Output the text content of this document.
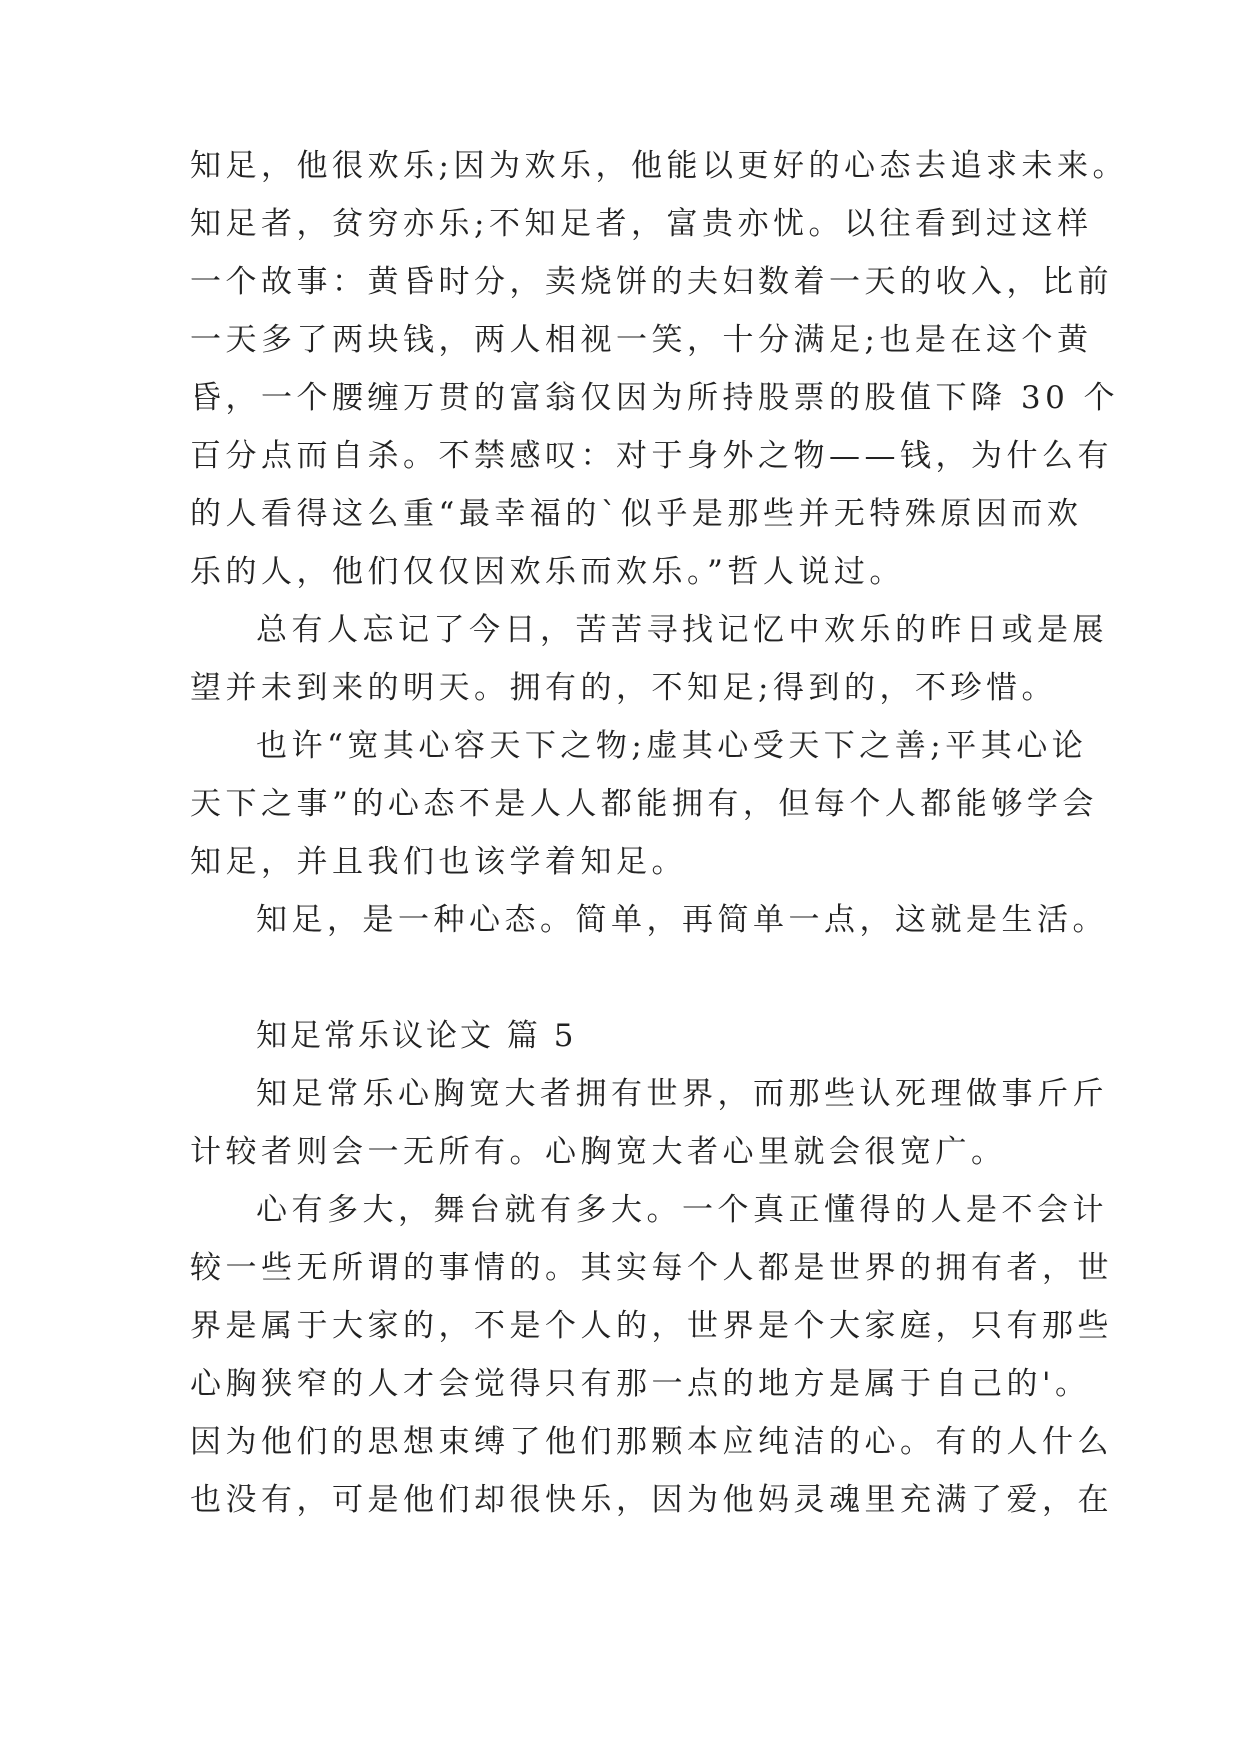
知足，他很欢乐;因为欢乐，他能以更好的心态去追求未来。
知足者，贫穷亦乐;不知足者，富贵亦忧。以往看到过这样
一个故事：黄昏时分，卖烧饼的夫妇数着一天的收入，比前
一天多了两块钱，两人相视一笑，十分满足;也是在这个黄
昏，一个腰缠万贯的富翁仅因为所持股票的股值下降 30 个
百分点而自杀。不禁感叹：对于身外之物——钱，为什么有
的人看得这么重“最幸福的`似乎是那些并无特殊原因而欢
乐的人，他们仅仅因欢乐而欢乐。”哲人说过。
总有人忘记了今日，苦苦寻找记忆中欢乐的昨日或是展
望并未到来的明天。拥有的，不知足;得到的，不珍惜。
也许“宽其心容天下之物;虚其心受天下之善;平其心论
天下之事”的心态不是人人都能拥有，但每个人都能够学会
知足，并且我们也该学着知足。
知足，是一种心态。简单，再简单一点，这就是生活。
知足常乐议论文 篇 5
知足常乐心胸宽大者拥有世界，而那些认死理做事斤斤
计较者则会一无所有。心胸宽大者心里就会很宽广。
心有多大，舞台就有多大。一个真正懂得的人是不会计
较一些无所谓的事情的。其实每个人都是世界的拥有者，世
界是属于大家的，不是个人的，世界是个大家庭，只有那些
心胸狭窄的人才会觉得只有那一点的地方是属于自己的'。
因为他们的思想束缚了他们那颗本应纯洁的心。有的人什么
也没有，可是他们却很快乐，因为他妈灵魂里充满了爱，在
